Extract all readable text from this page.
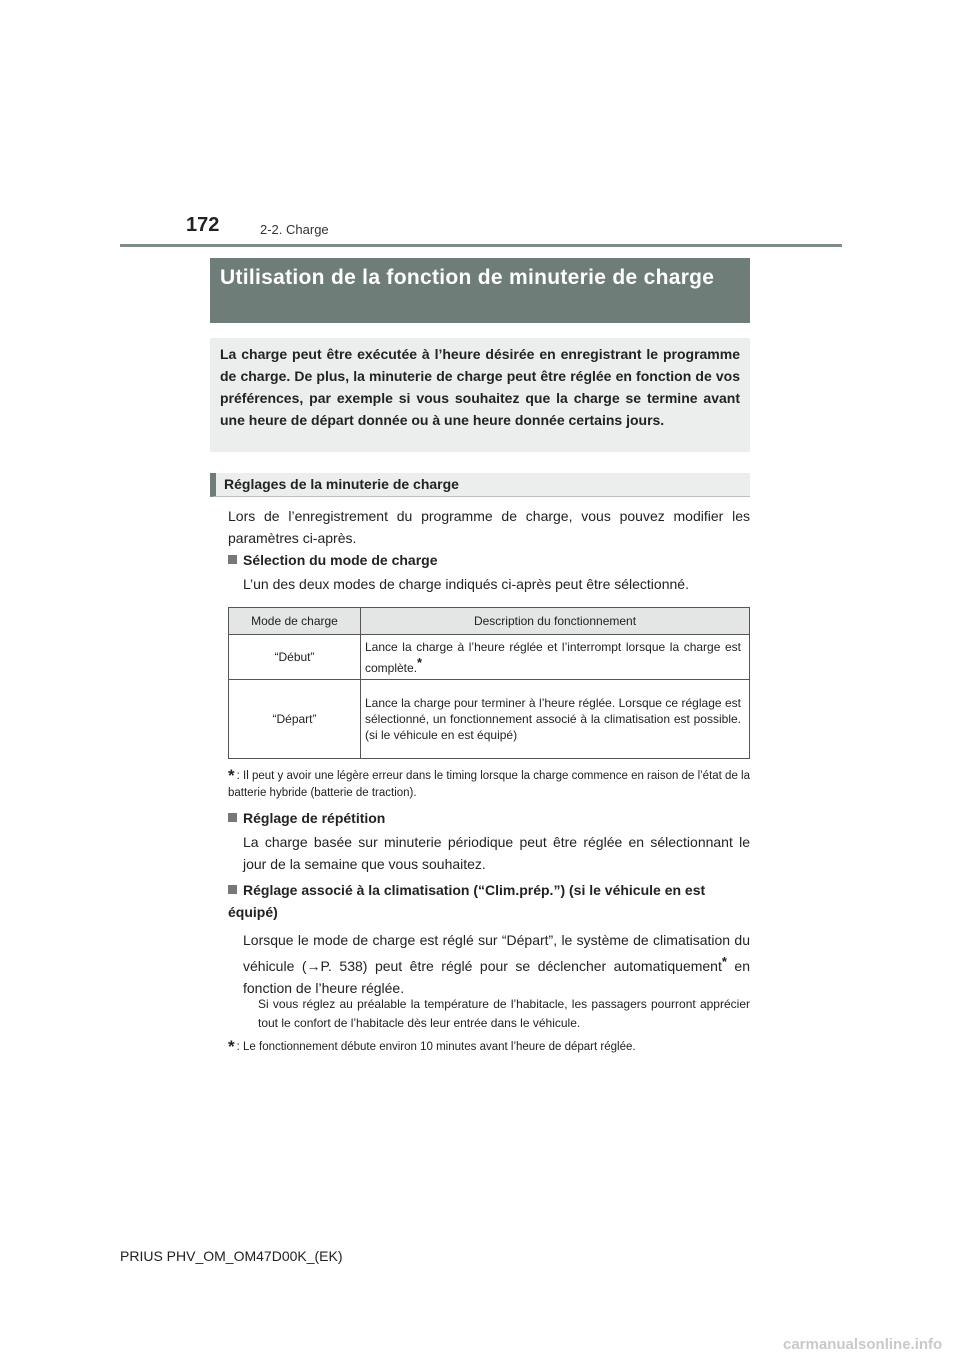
172	2-2. Charge
Utilisation de la fonction de minuterie de charge

La charge peut être exécutée à l’heure désirée en enregistrant le programme de charge. De plus, la minuterie de charge peut être réglée en fonction de vos préférences, par exemple si vous souhaitez que la charge se termine avant une heure de départ donnée ou à une heure donnée certains jours.

Réglages de la minuterie de charge
Lors de l’enregistrement du programme de charge, vous pouvez modifier les paramètres ci-après.
Sélection du mode de charge
L’un des deux modes de charge indiqués ci-après peut être sélectionné.
Mode de charge	Description du fonctionnement
“Début”	Lance la charge à l’heure réglée et l’interrompt lorsque la charge est complète.*
“Départ”	Lance la charge pour terminer à l’heure réglée. Lorsque ce réglage est sélectionné, un fonctionnement associé à la climatisation est possible. (si le véhicule en est équipé)
* : Il peut y avoir une légère erreur dans le timing lorsque la charge commence en raison de l’état de la batterie hybride (batterie de traction).
Réglage de répétition
La charge basée sur minuterie périodique peut être réglée en sélectionnant le jour de la semaine que vous souhaitez.
Réglage associé à la climatisation (“Clim.prép.”) (si le véhicule en est équipé)
Lorsque le mode de charge est réglé sur “Départ”, le système de climatisation du véhicule (→P. 538) peut être réglé pour se déclencher automatiquement* en fonction de l’heure réglée.
Si vous réglez au préalable la température de l’habitacle, les passagers pourront apprécier tout le confort de l’habitacle dès leur entrée dans le véhicule.
* : Le fonctionnement débute environ 10 minutes avant l’heure de départ réglée.
PRIUS PHV_OM_OM47D00K_(EK)
carmanualsonline.info
